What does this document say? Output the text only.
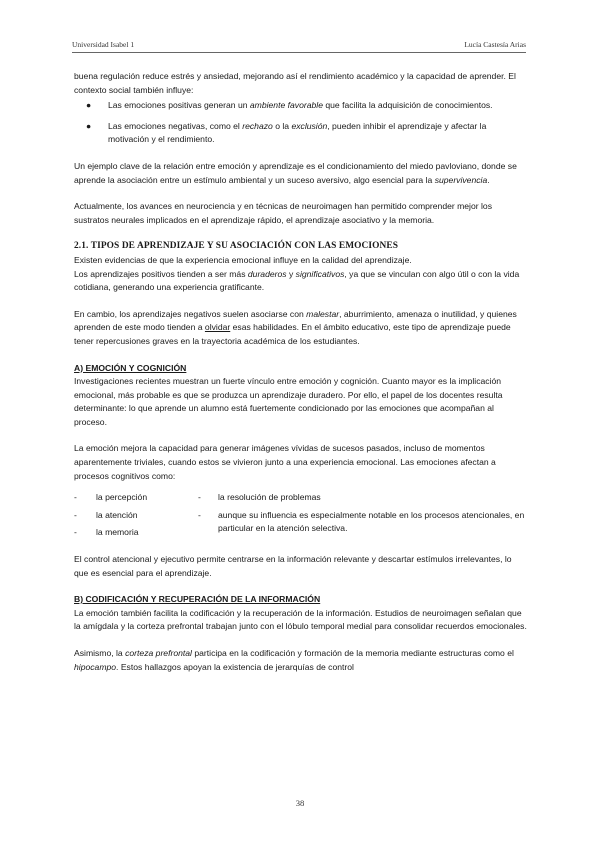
Universidad Isabel 1	Lucía Castesía Arias

buena regulación reduce estrés y ansiedad, mejorando así el rendimiento académico y la capacidad de aprender. El contexto social también influye:

●	Las emociones positivas generan un ambiente favorable que facilita la adquisición de conocimientos.
●	Las emociones negativas, como el rechazo o la exclusión, pueden inhibir el aprendizaje y afectar la motivación y el rendimiento.

Un ejemplo clave de la relación entre emoción y aprendizaje es el condicionamiento del miedo pavloviano, donde se aprende la asociación entre un estímulo ambiental y un suceso aversivo, algo esencial para la supervivencia.

Actualmente, los avances en neurociencia y en técnicas de neuroimagen han permitido comprender mejor los sustratos neurales implicados en el aprendizaje rápido, el aprendizaje asociativo y la memoria.

2.1. TIPOS DE APRENDIZAJE Y SU ASOCIACIÓN CON LAS EMOCIONES

Existen evidencias de que la experiencia emocional influye en la calidad del aprendizaje.

Los aprendizajes positivos tienden a ser más duraderos y significativos, ya que se vinculan con algo útil o con la vida cotidiana, generando una experiencia gratificante.

En cambio, los aprendizajes negativos suelen asociarse con malestar, aburrimiento, amenaza o inutilidad, y quienes aprenden de este modo tienden a olvidar esas habilidades. En el ámbito educativo, este tipo de aprendizaje puede tener repercusiones graves en la trayectoria académica de los estudiantes.

A) EMOCIÓN Y COGNICIÓN

Investigaciones recientes muestran un fuerte vínculo entre emoción y cognición. Cuanto mayor es la implicación emocional, más probable es que se produzca un aprendizaje duradero. Por ello, el papel de los docentes resulta determinante: lo que aprende un alumno está fuertemente condicionado por las emociones que acompañan al proceso.

La emoción mejora la capacidad para generar imágenes vívidas de sucesos pasados, incluso de momentos aparentemente triviales, cuando estos se vivieron junto a una experiencia emocional. Las emociones afectan a procesos cognitivos como:

-	la percepción	-	la resolución de problemas
-	la atención	-	aunque su influencia es especialmente notable en los procesos atencionales, en particular en la atención selectiva.
-	la memoria

El control atencional y ejecutivo permite centrarse en la información relevante y descartar estímulos irrelevantes, lo que es esencial para el aprendizaje.

B) CODIFICACIÓN Y RECUPERACIÓN DE LA INFORMACIÓN

La emoción también facilita la codificación y la recuperación de la información. Estudios de neuroimagen señalan que la amígdala y la corteza prefrontal trabajan junto con el lóbulo temporal medial para consolidar recuerdos emocionales.

Asimismo, la corteza prefrontal participa en la codificación y formación de la memoria mediante estructuras como el hipocampo. Estos hallazgos apoyan la existencia de jerarquías de control

38
